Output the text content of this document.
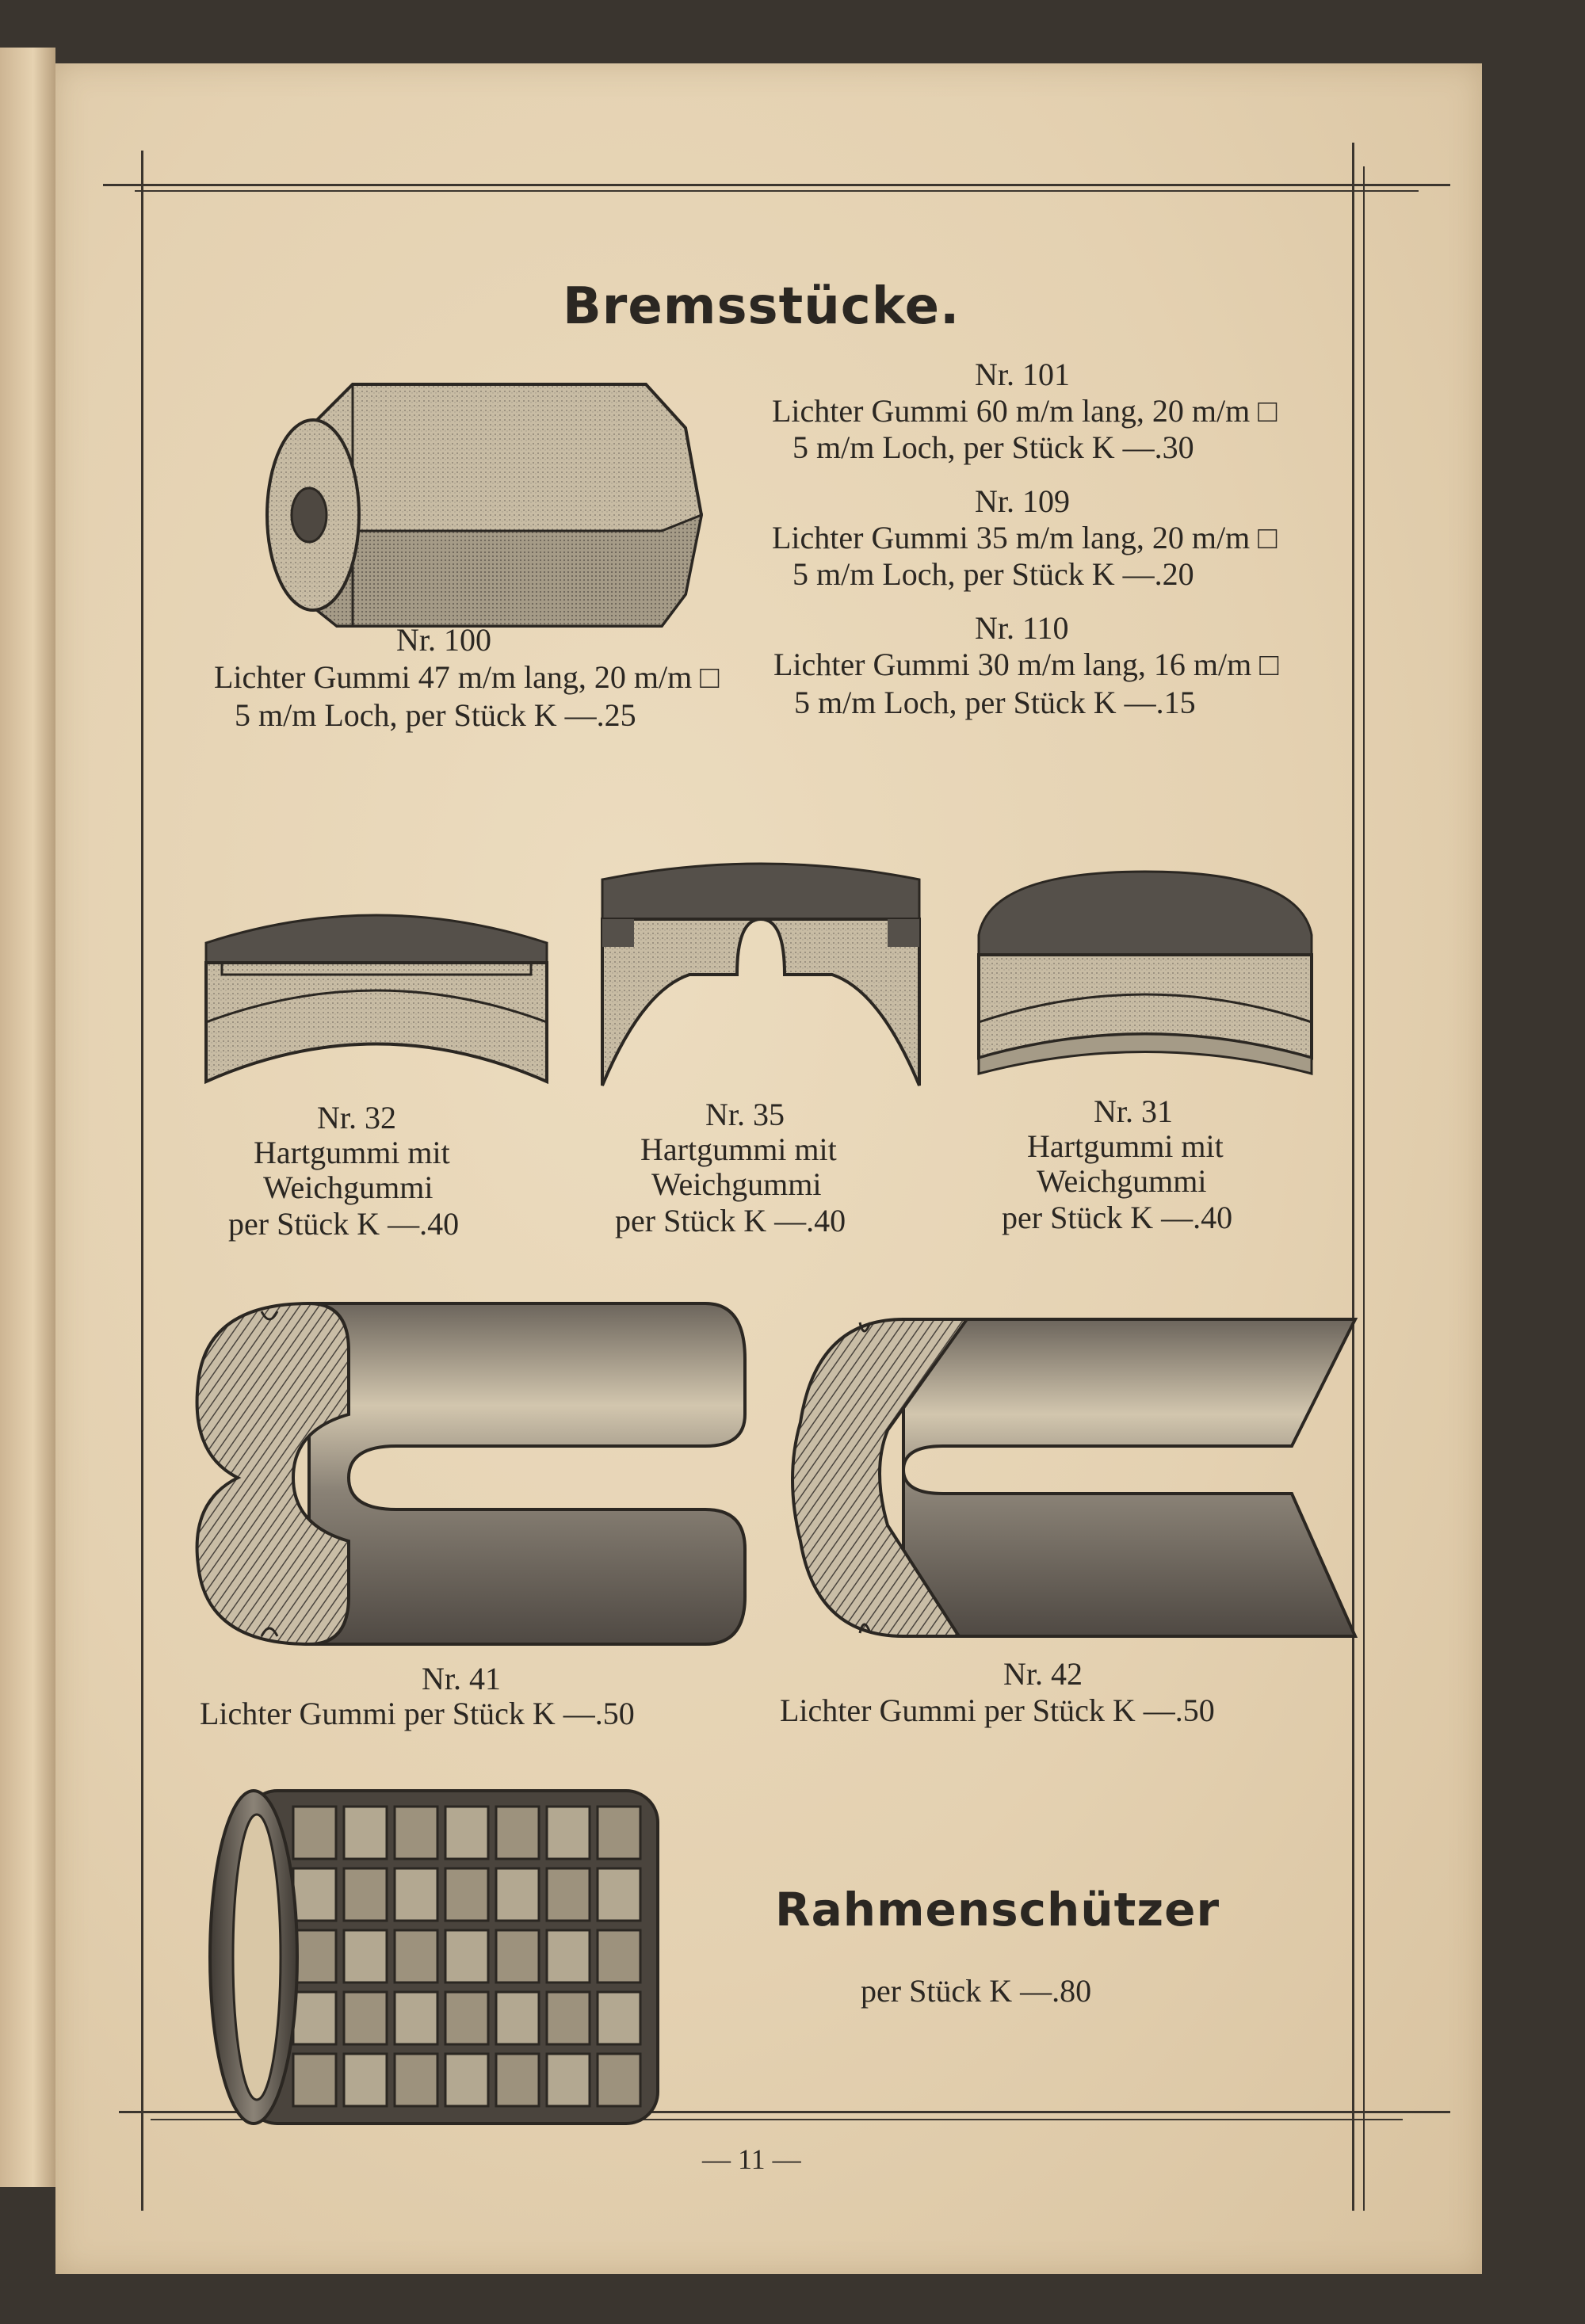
Bremsstücke.
Nr. 100
Lichter Gummi 47 m/m lang, 20 m/m □
5 m/m Loch, per Stück K —.25
Nr. 101
Lichter Gummi 60 m/m lang, 20 m/m □
5 m/m Loch, per Stück K —.30
Nr. 109
Lichter Gummi 35 m/m lang, 20 m/m □
5 m/m Loch, per Stück K —.20
Nr. 110
Lichter Gummi 30 m/m lang, 16 m/m □
5 m/m Loch, per Stück K —.15
Nr. 32
Hartgummi mit
Weichgummi
per Stück K —.40
Nr. 35
Hartgummi mit
Weichgummi
per Stück K —.40
Nr. 31
Hartgummi mit
Weichgummi
per Stück K —.40
Nr. 41
Lichter Gummi per Stück K —.50
Nr. 42
Lichter Gummi per Stück K —.50
Rahmenschützer
per Stück K —.80
— 11 —
